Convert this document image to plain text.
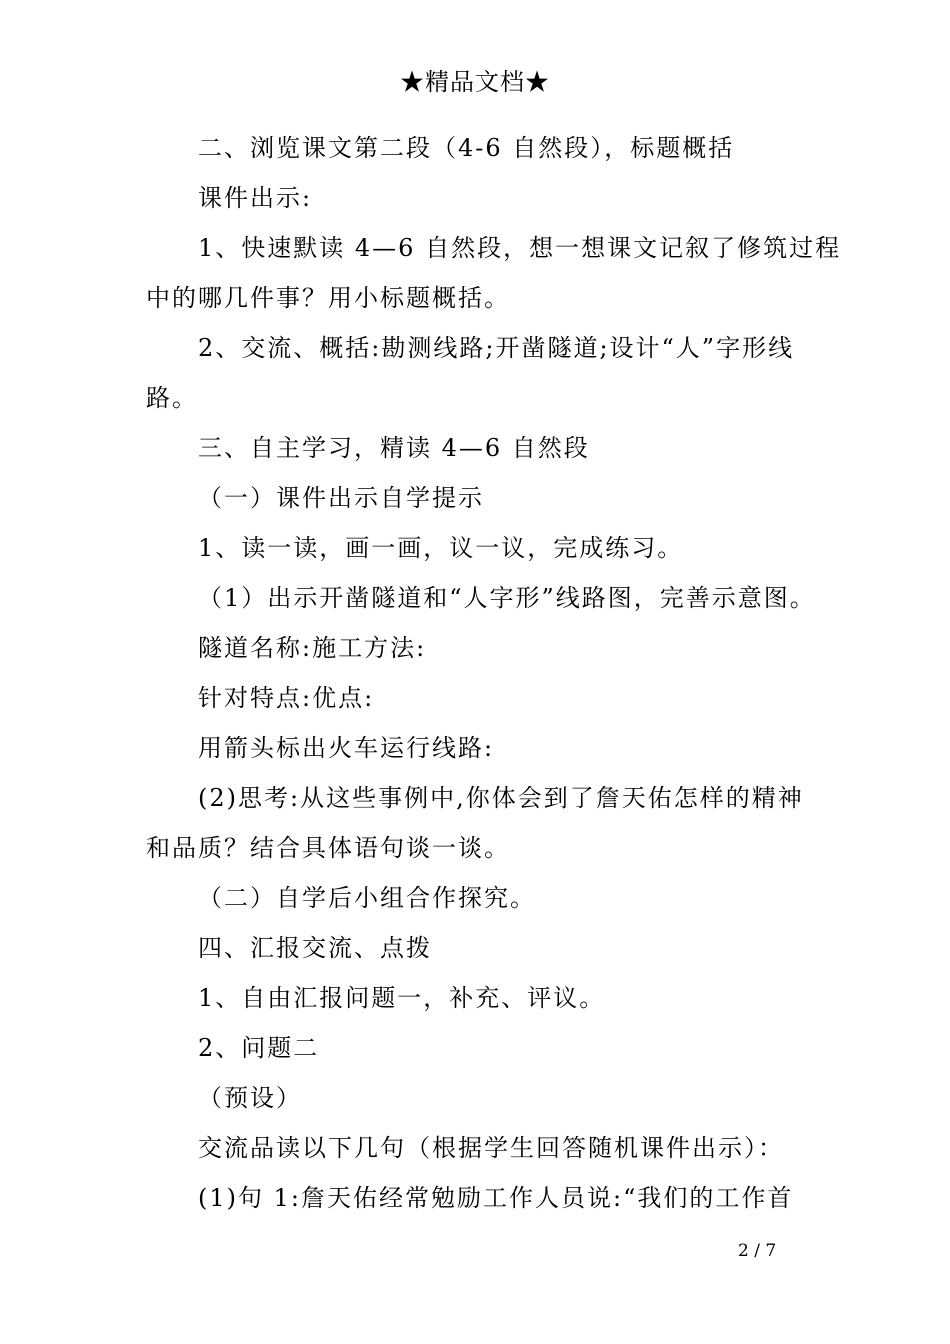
★精品文档★
二、浏览课文第二段（4-6 自然段），标题概括
课件出示:
1、快速默读 4—6 自然段，想一想课文记叙了修筑过程
中的哪几件事？用小标题概括。
2、交流、概括:勘测线路;开凿隧道;设计“人”字形线
路。
三、自主学习，精读 4—6 自然段
（一）课件出示自学提示
1、读一读，画一画，议一议，完成练习。
（1）出示开凿隧道和“人字形”线路图，完善示意图。
隧道名称:施工方法:
针对特点:优点:
用箭头标出火车运行线路:
(2)思考:从这些事例中,你体会到了詹天佑怎样的精神
和品质？结合具体语句谈一谈。
（二）自学后小组合作探究。
四、汇报交流、点拨
1、自由汇报问题一，补充、评议。
2、问题二
（预设）
交流品读以下几句（根据学生回答随机课件出示）：
(1)句 1:詹天佑经常勉励工作人员说:“我们的工作首
2 / 7
